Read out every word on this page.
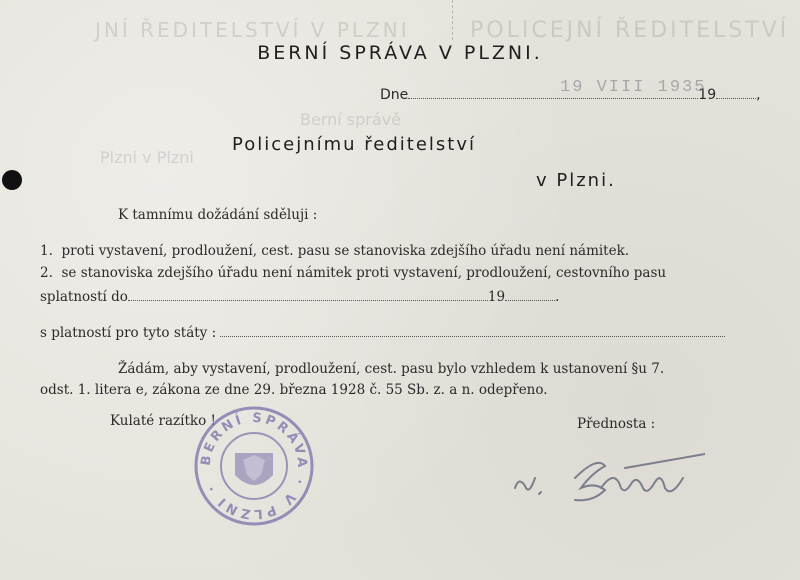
POLICEJNÍ ŘEDITELSTVÍ
JNÍ ŘEDITELSTVÍ V PLZNI
Berní správě
Plzni v Plzni
BERNÍ SPRÁVA V PLZNI.
Dne	19	,
19 VIII 1935
Policejnímu ředitelství
v Plzni.
K tamnímu dožádání sděluji :
1. proti vystavení, prodloužení, cest. pasu se stanoviska zdejšího úřadu není námitek.
2. se stanoviska zdejšího úřadu není námitek proti vystavení, prodloužení, cestovního pasu
splatností do	19	.
s platností pro tyto státy :
Žádám, aby vystavení, prodloužení, cest. pasu bylo vzhledem k ustanovení §u 7.
odst. 1. litera e, zákona ze dne 29. března 1928 č. 55 Sb. z. a n. odepřeno.
Kulaté razítko !	Přednosta :
BERNÍ SPRÁVA · V PLZNI ·
